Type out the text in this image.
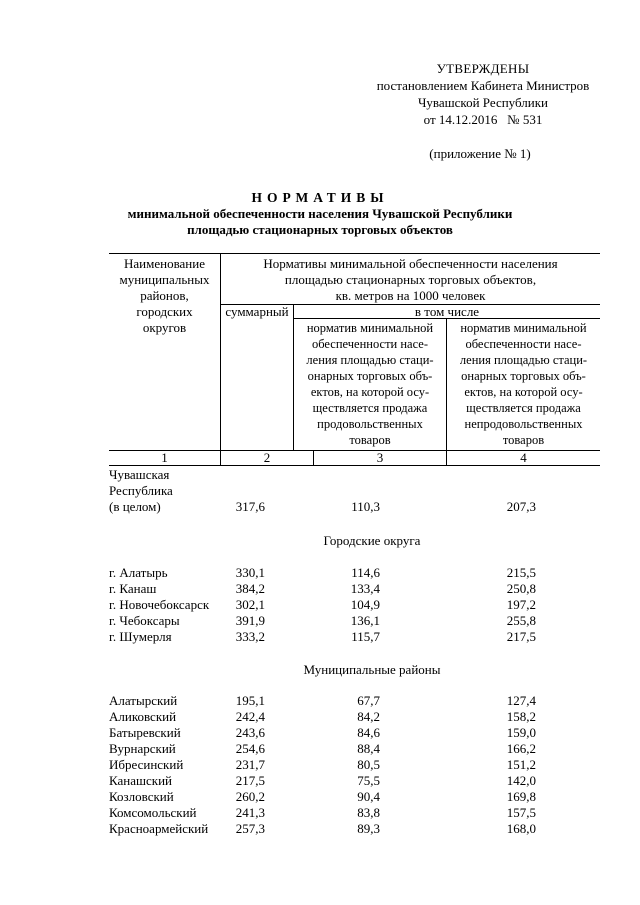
УТВЕРЖДЕНЫ
постановлением Кабинета Министров
Чувашской Республики
от 14.12.2016   № 531
(приложение № 1)
НОРМАТИВЫ
минимальной обеспеченности населения Чувашской Республики
площадью стационарных торговых объектов
Наименование
муниципальных
районов,
городских
округов
Нормативы минимальной обеспеченности населения
площадью стационарных торговых объектов,
кв. метров на 1000 человек
суммарный	в том числе
норматив минимальной
обеспеченности насе-
ления площадью стаци-
онарных торговых объ-
ектов, на которой осу-
ществляется продажа
продовольственных
товаров
норматив минимальной
обеспеченности насе-
ления площадью стаци-
онарных торговых объ-
ектов, на которой осу-
ществляется продажа
непродовольственных
товаров
1	2	3	4
Чувашская
Республика
(в целом)	317,6	110,3	207,3
Городские округа
г. Алатырь	330,1	114,6	215,5
г. Канаш	384,2	133,4	250,8
г. Новочебоксарск	302,1	104,9	197,2
г. Чебоксары	391,9	136,1	255,8
г. Шумерля	333,2	115,7	217,5
Муниципальные районы
Алатырский	195,1	67,7	127,4
Аликовский	242,4	84,2	158,2
Батыревский	243,6	84,6	159,0
Вурнарский	254,6	88,4	166,2
Ибресинский	231,7	80,5	151,2
Канашский	217,5	75,5	142,0
Козловский	260,2	90,4	169,8
Комсомольский	241,3	83,8	157,5
Красноармейский	257,3	89,3	168,0
